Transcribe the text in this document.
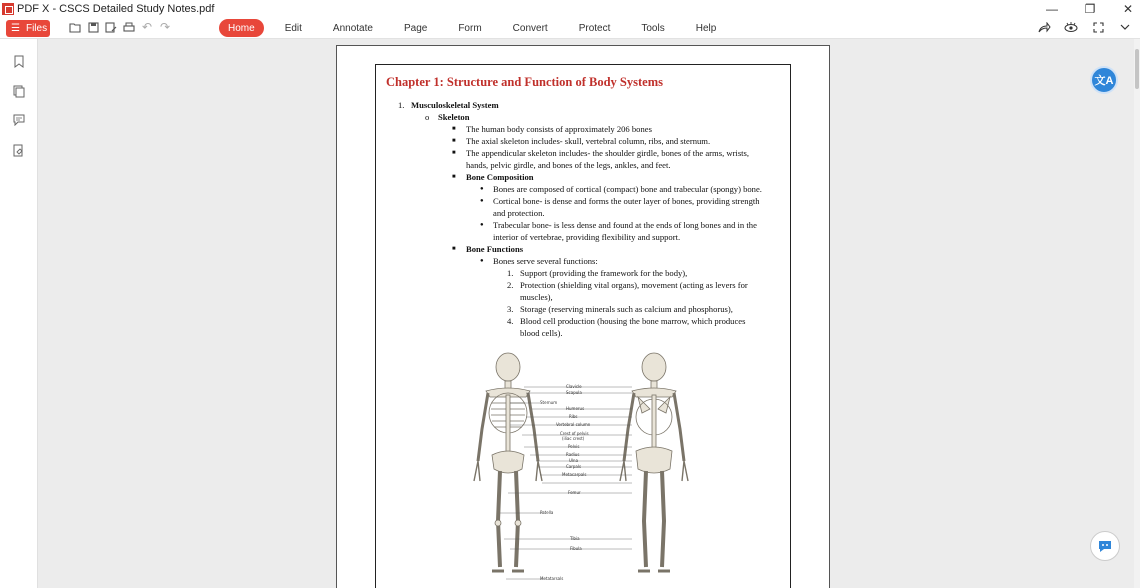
PDF X - CSCS Detailed Study Notes.pdf	—	❐	✕
☰ Files	↶ ↷	Home	Edit	Annotate	Page	Form	Convert	Protect	Tools	Help
Chapter 1: Structure and Function of Body Systems
1. Musculoskeletal System
o Skeleton
■ The human body consists of approximately 206 bones
■ The axial skeleton includes- skull, vertebral column, ribs, and sternum.
■ The appendicular skeleton includes- the shoulder girdle, bones of the arms, wrists,
hands, pelvic girdle, and bones of the legs, ankles, and feet.
■ Bone Composition
● Bones are composed of cortical (compact) bone and trabecular (spongy) bone.
● Cortical bone- is dense and forms the outer layer of bones, providing strength
and protection.
● Trabecular bone- is less dense and found at the ends of long bones and in the
interior of vertebrae, providing flexibility and support.
■ Bone Functions
● Bones serve several functions:
1. Support (providing the framework for the body),
2. Protection (shielding vital organs), movement (acting as levers for
muscles),
3. Storage (reserving minerals such as calcium and phosphorus),
4. Blood cell production (housing the bone marrow, which produces
blood cells).
Clavicle
Scapula
Sternum
Humerus
Ribs
Vertebral column
Crest of pelvis
(iliac crest)
Pelvis
Radius
Ulna
Carpals
Metacarpals
Femur
Patella
Tibia
Fibula
Metatarsals
文A
